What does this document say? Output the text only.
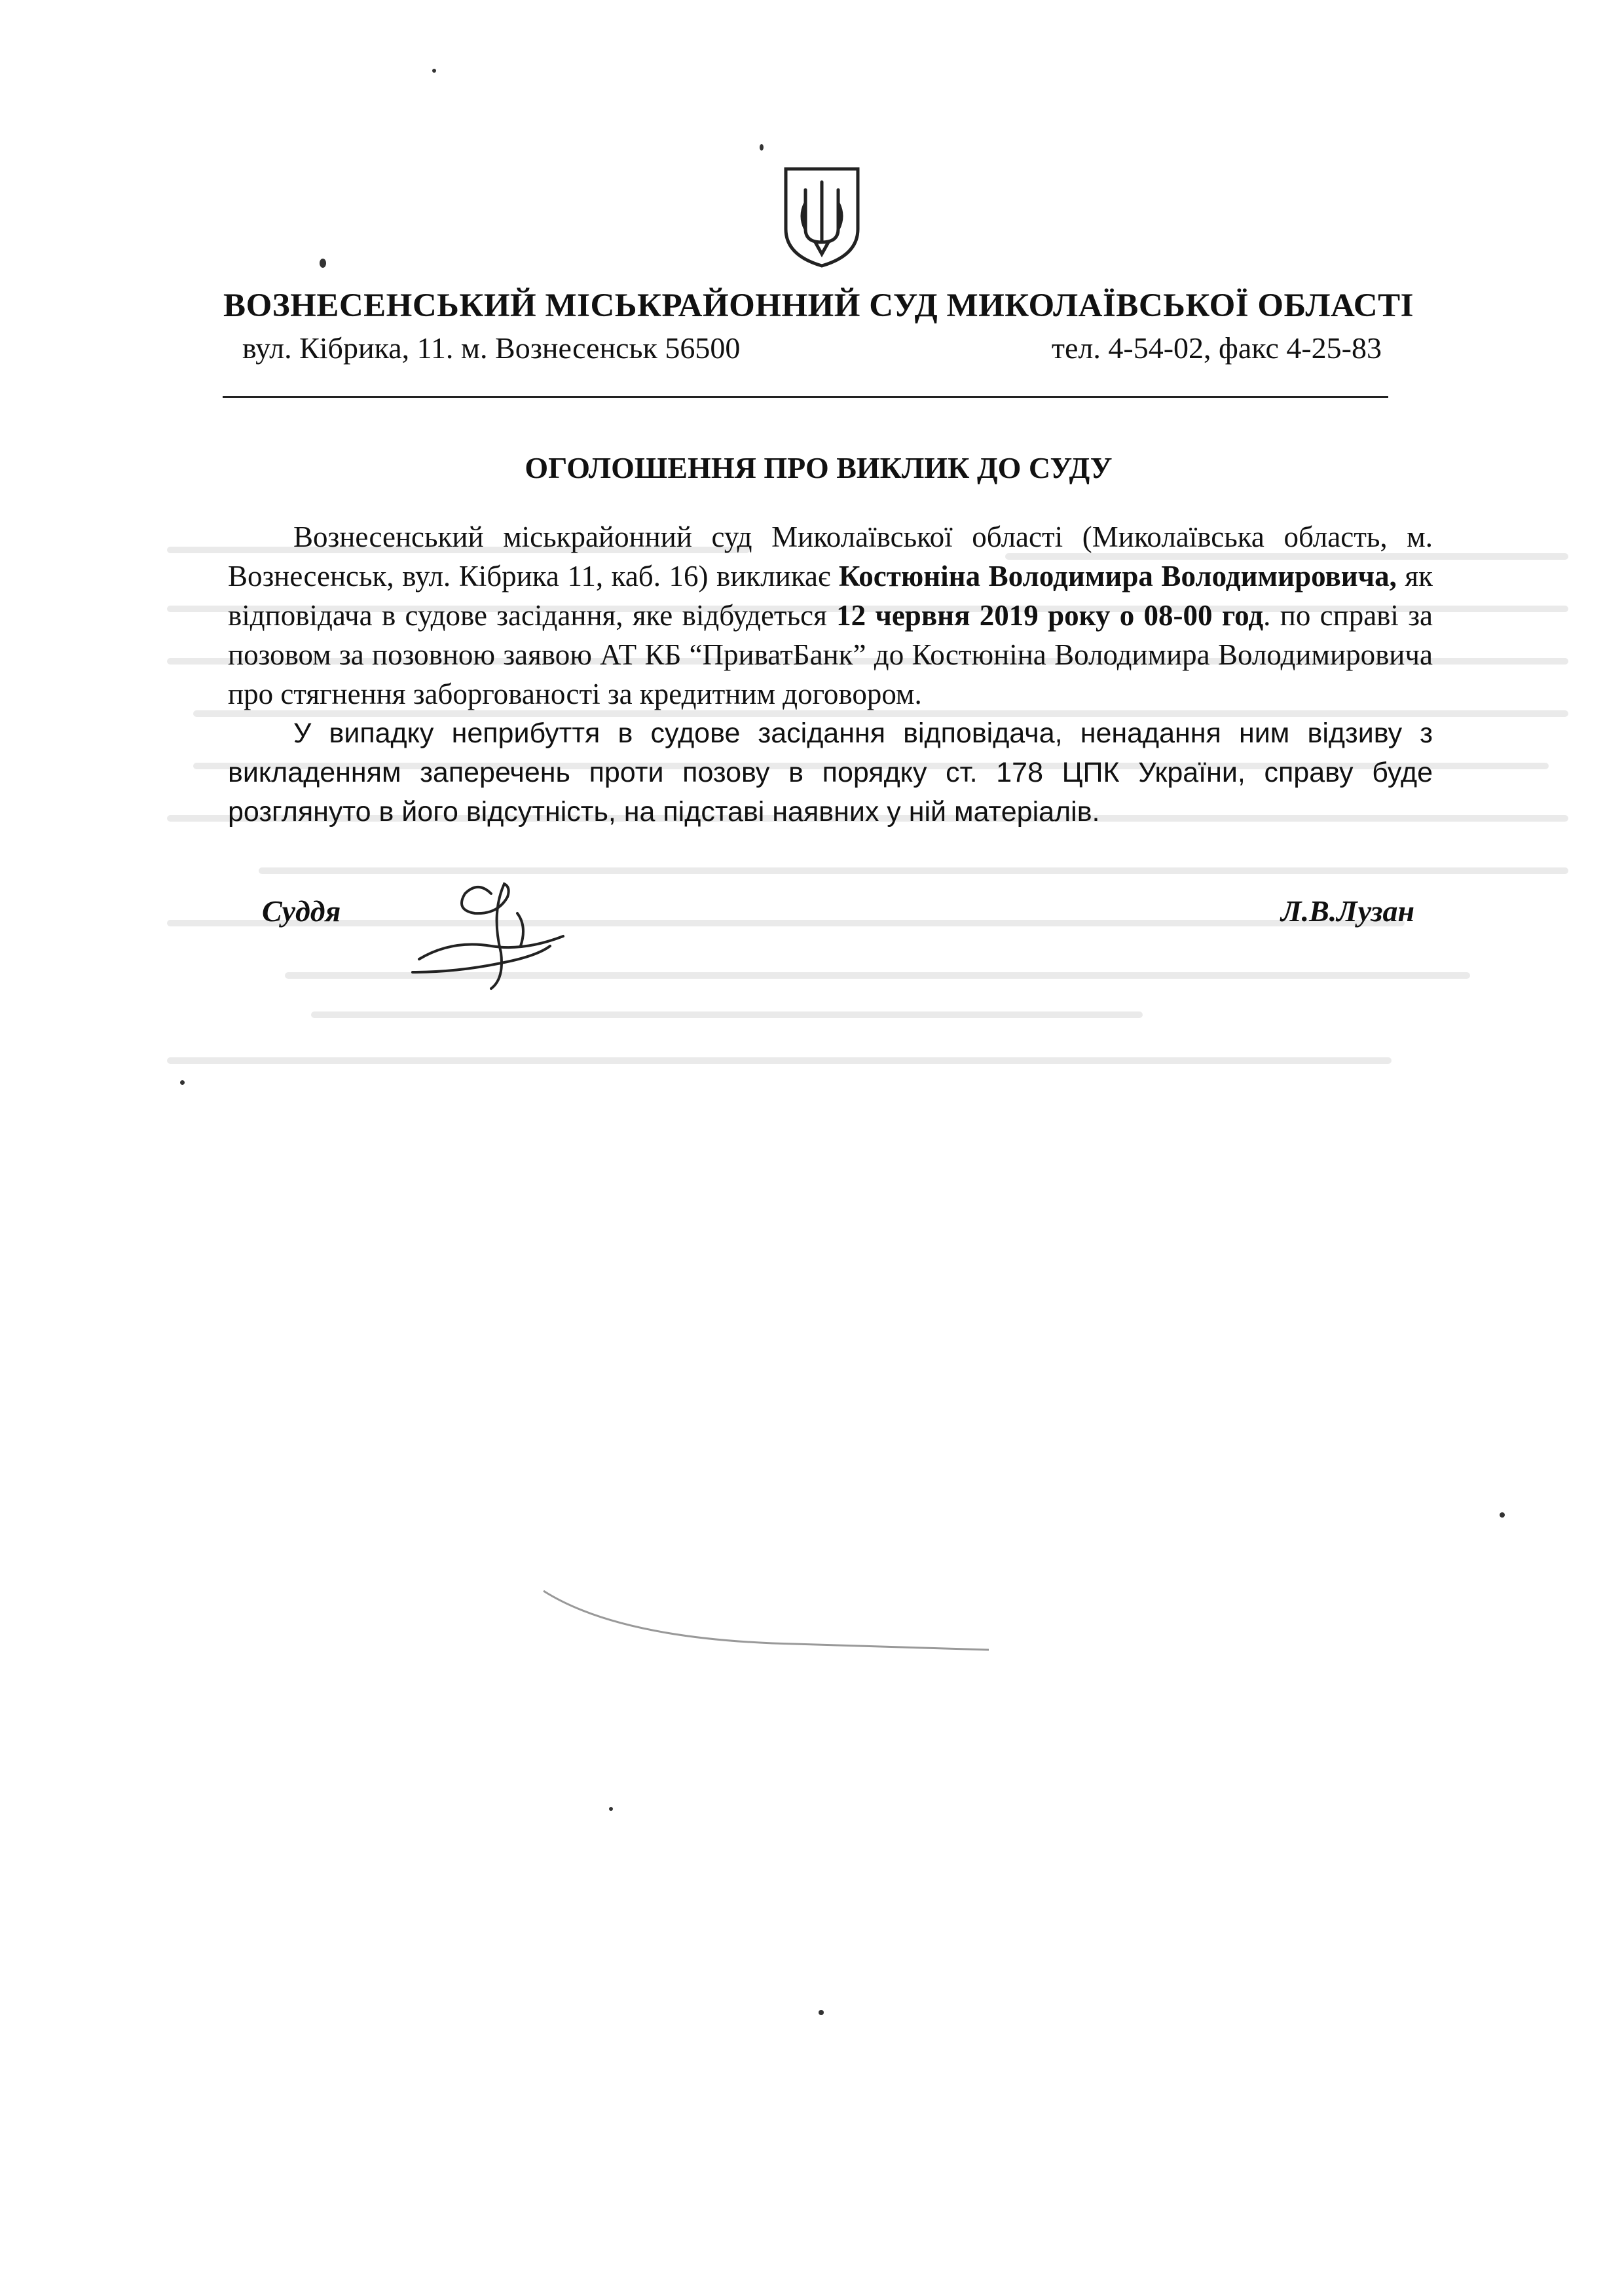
ВОЗНЕСЕНСЬКИЙ МІСЬКРАЙОННИЙ СУД МИКОЛАЇВСЬКОЇ ОБЛАСТІ
вул. Кібрика, 11. м. Вознесенськ 56500	тел. 4-54-02, факс 4-25-83
ОГОЛОШЕННЯ ПРО ВИКЛИК ДО СУДУ

Вознесенський міськрайонний суд Миколаївської області (Миколаївська область, м. Вознесенськ, вул. Кібрика 11, каб. 16) викликає Костюніна Володимира Володимировича, як відповідача в судове засідання, яке відбудеться 12 червня 2019 року о 08-00 год. по справі за позовом за позовною заявою АТ КБ “ПриватБанк” до Костюніна Володимира Володимировича про стягнення заборгованості за кредитним договором.

У випадку неприбуття в судове засідання відповідача, ненадання ним відзиву з викладенням заперечень проти позову в порядку ст. 178 ЦПК України, справу буде розглянуто в його відсутність, на підставі наявних у ній матеріалів.

Суддя	Л.В.Лузан
